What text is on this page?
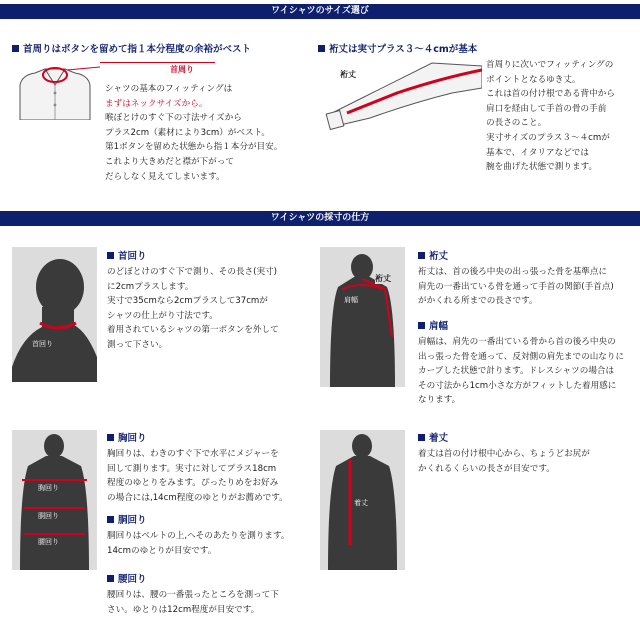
ワイシャツのサイズ選び
首周りはボタンを留めて指１本分程度の余裕がベスト
首周り
シャツの基本のフィッティングは
まずはネックサイズから。
喉ぼとけのすぐ下の寸法サイズから
プラス2cm（素材により3cm）がベスト。
第1ボタンを留めた状態から指１本分が目安。
これより大きめだと襟が下がって
だらしなく見えてしまいます。
裄丈は実寸プラス３〜４cmが基本
裄丈
首周りに次いでフィッティングの
ポイントとなるゆき丈。
これは首の付け根である背中から
肩口を経由して手首の骨の手前
の長さのこと。
実寸サイズのプラス３〜４cmが
基本で、イタリアなどでは
腕を曲げた状態で測ります。
ワイシャツの採寸の仕方
首回り
首回り
のどぼとけのすぐ下で測り、その長さ(実寸)
に2cmプラスします。
実寸で35cmなら2cmプラスして37cmが
シャツの仕上がり寸法です。
着用されているシャツの第一ボタンを外して
測って下さい。
裄丈
肩幅
裄丈
裄丈は、首の後ろ中央の出っ張った骨を基準点に
肩先の一番出ている骨を通って手首の関節(手首点)
がかくれる所までの長さです。
肩幅
肩幅は、肩先の一番出ている骨から首の後ろ中央の
出っ張った骨を通って、反対側の肩先までの山なりに
カーブした状態で計ります。ドレスシャツの場合は
その寸法から1cm小さな方がフィットした着用感に
なります。
胸回り
胴回り
腰回り
胸回り
胸回りは、わきのすぐ下で水平にメジャーを
回して測ります。実寸に対してプラス18cm
程度のゆとりをみます。ぴったりめをお好み
の場合には,14cm程度のゆとりがお薦めです。
胴回り
胴回りはベルトの上,へそのあたりを測ります。
14cmのゆとりが目安です。
腰回り
腰回りは、腰の一番張ったところを測って下
さい。ゆとりは12cm程度が目安です。
着丈
着丈
着丈は首の付け根中心から、ちょうどお尻が
かくれるくらいの長さが目安です。
